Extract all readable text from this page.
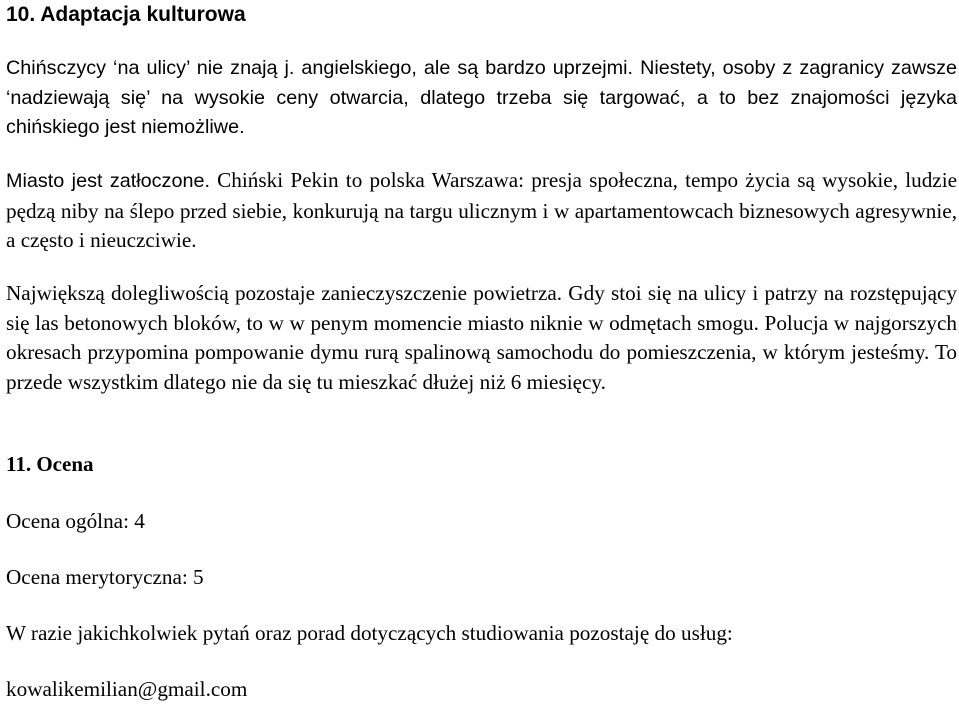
10. Adaptacja kulturowa

Chińsczycy ‘na ulicy’ nie znają j. angielskiego, ale są bardzo uprzejmi. Niestety, osoby z zagranicy zawsze ‘nadziewają się’ na wysokie ceny otwarcia, dlatego trzeba się targować, a to bez znajomości języka chińskiego jest niemożliwe.

Miasto jest zatłoczone. Chiński Pekin to polska Warszawa: presja społeczna, tempo życia są wysokie, ludzie pędzą niby na ślepo przed siebie, konkurują na targu ulicznym i w apartamentowcach biznesowych agresywnie, a często i nieuczciwie.

Największą dolegliwością pozostaje zanieczyszczenie powietrza. Gdy stoi się na ulicy i patrzy na rozstępujący się las betonowych bloków, to w w penym momencie miasto niknie w odmętach smogu. Polucja w najgorszych okresach przypomina pompowanie dymu rurą spalinową samochodu do pomieszczenia, w którym jesteśmy. To przede wszystkim dlatego nie da się tu mieszkać dłużej niż 6 miesięcy.

11. Ocena

Ocena ogólna: 4

Ocena merytoryczna: 5

W razie jakichkolwiek pytań oraz porad dotyczących studiowania pozostaję do usług:

kowalikemilian@gmail.com
